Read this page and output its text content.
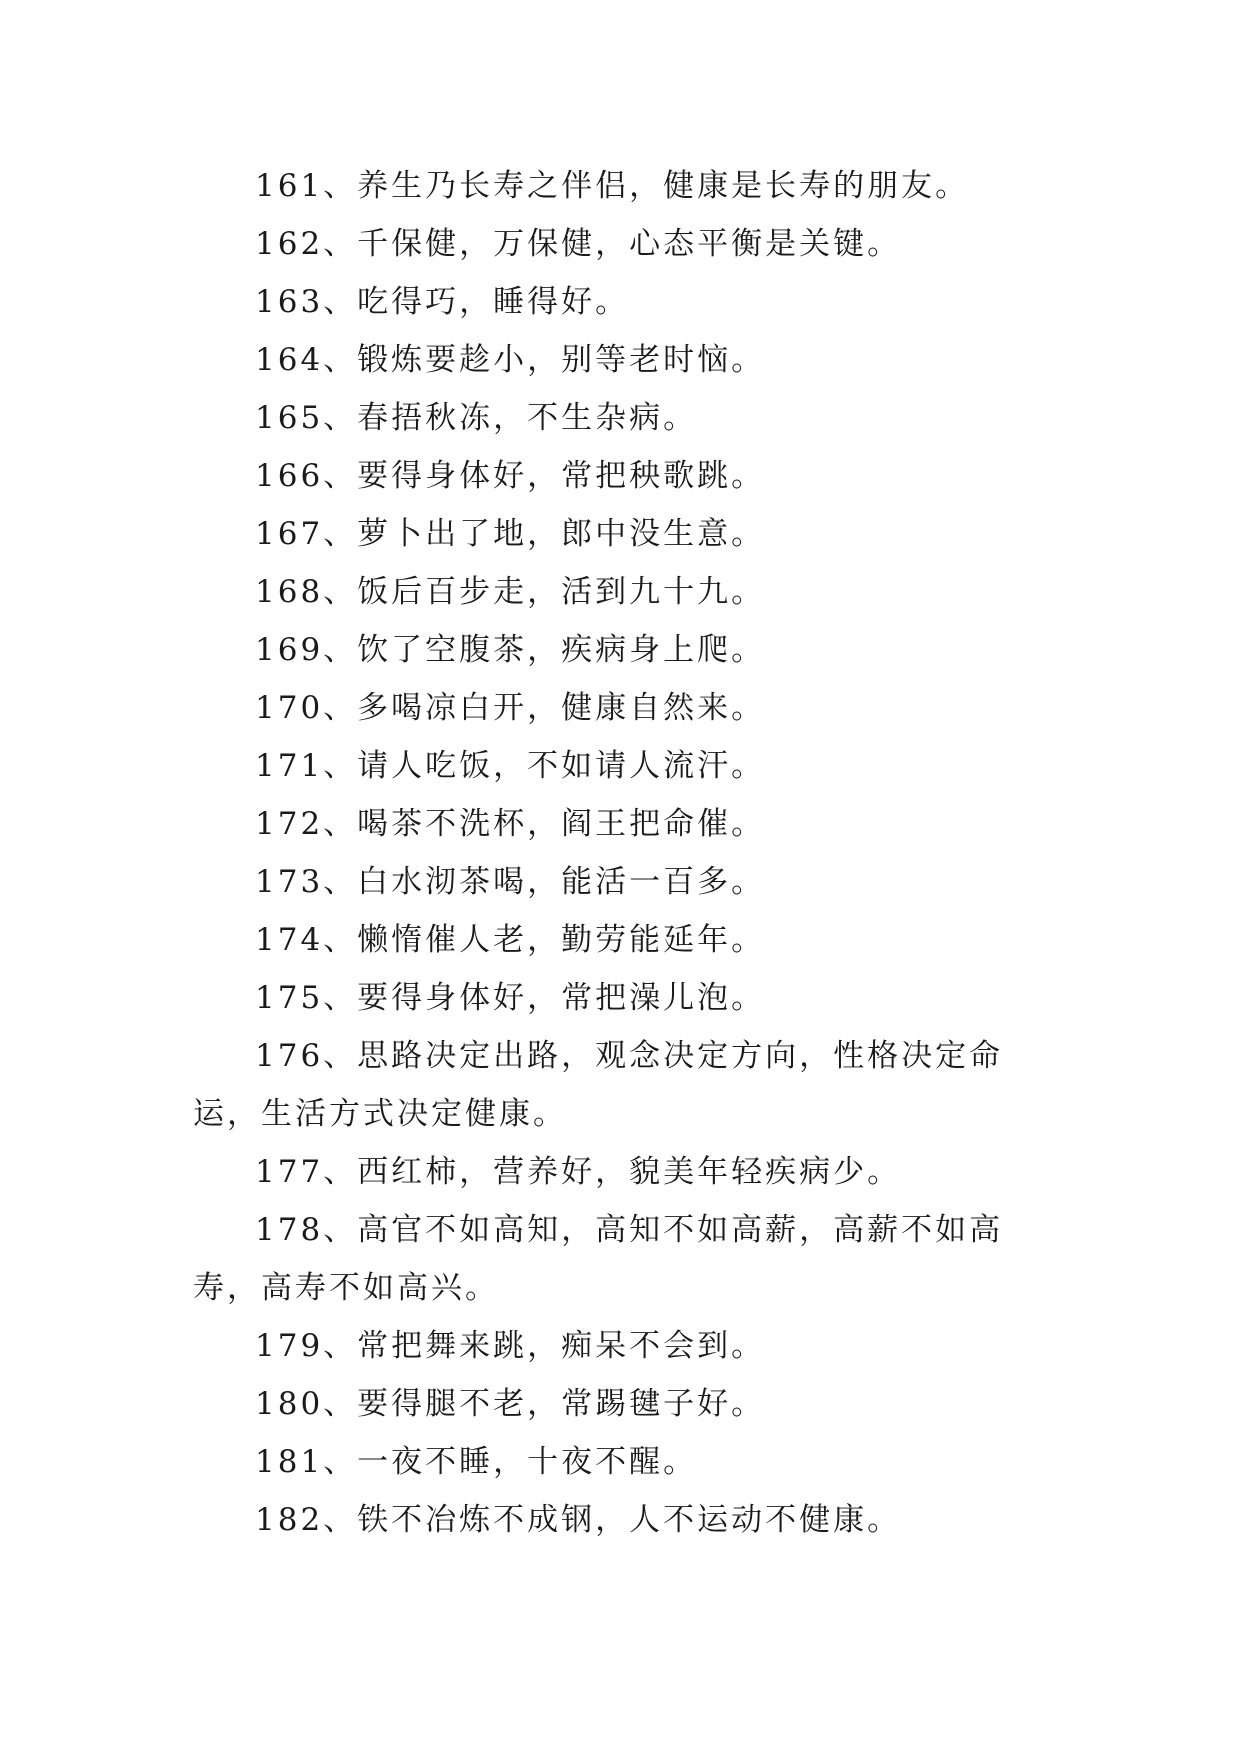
161、养生乃长寿之伴侣，健康是长寿的朋友。

162、千保健，万保健，心态平衡是关键。

163、吃得巧，睡得好。

164、锻炼要趁小，别等老时恼。

165、春捂秋冻，不生杂病。

166、要得身体好，常把秧歌跳。

167、萝卜出了地，郎中没生意。

168、饭后百步走，活到九十九。

169、饮了空腹茶，疾病身上爬。

170、多喝凉白开，健康自然来。

171、请人吃饭，不如请人流汗。

172、喝茶不洗杯，阎王把命催。

173、白水沏茶喝，能活一百多。

174、懒惰催人老，勤劳能延年。

175、要得身体好，常把澡儿泡。

176、思路决定出路，观念决定方向，性格决定命运，生活方式决定健康。

177、西红柿，营养好，貌美年轻疾病少。

178、高官不如高知，高知不如高薪，高薪不如高寿，高寿不如高兴。

179、常把舞来跳，痴呆不会到。

180、要得腿不老，常踢毽子好。

181、一夜不睡，十夜不醒。

182、铁不冶炼不成钢，人不运动不健康。
